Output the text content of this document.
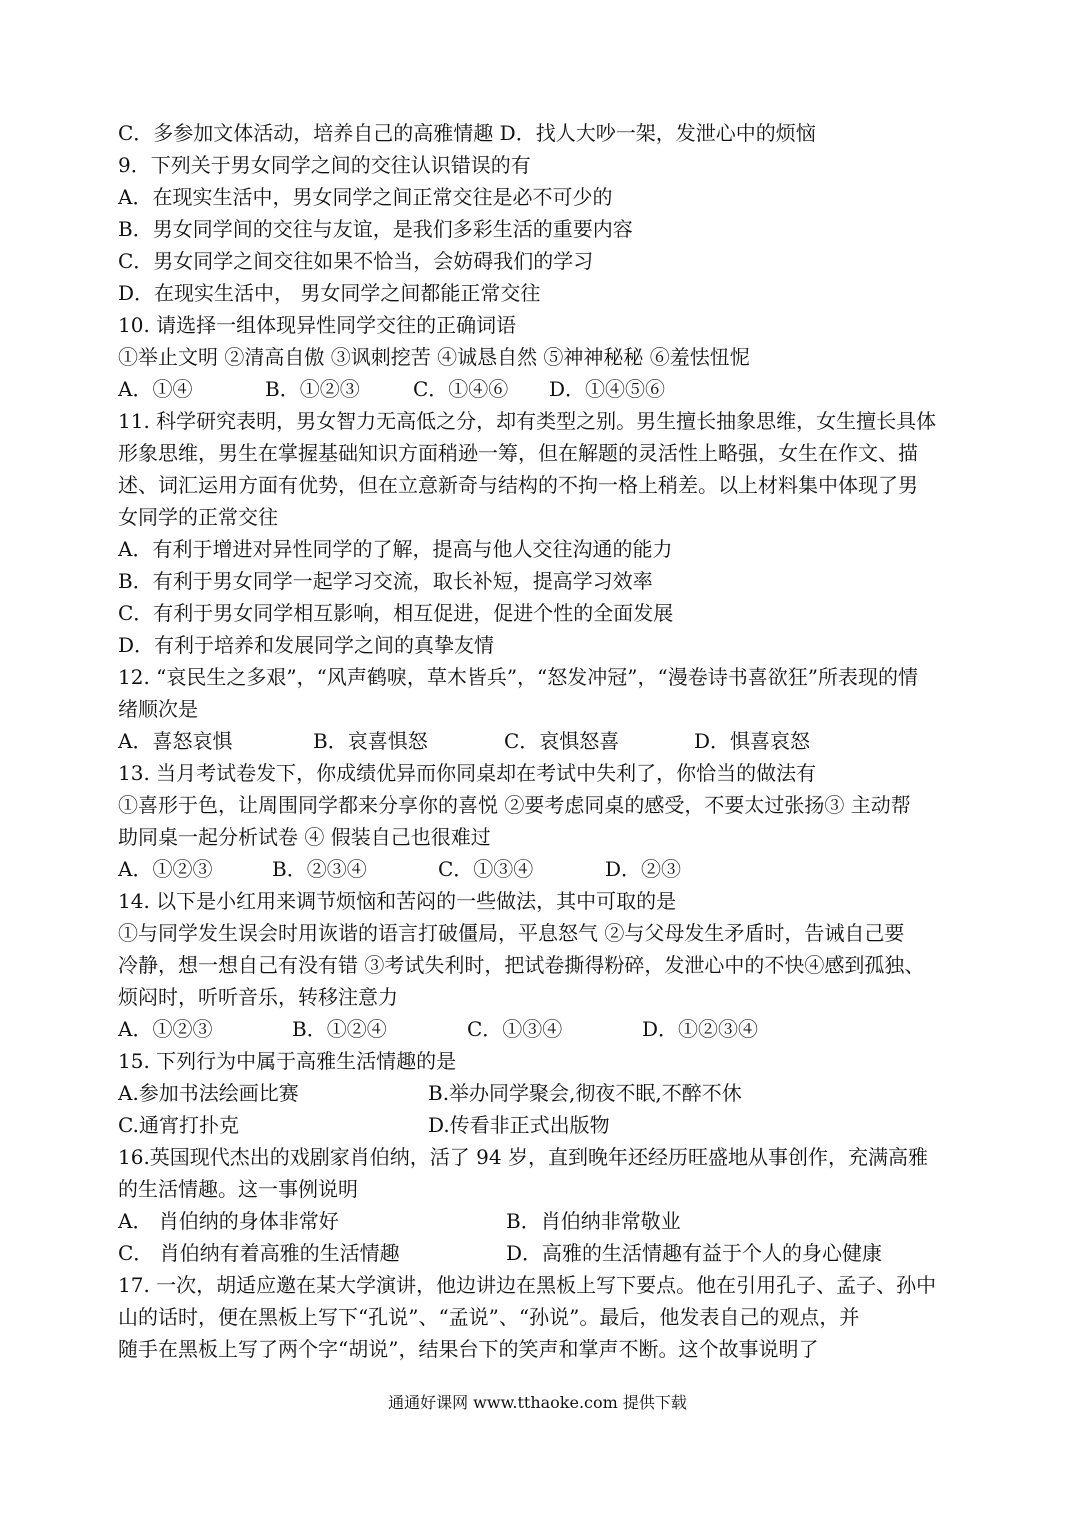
C．多参加文体活动，培养自己的高雅情趣 D．找人大吵一架，发泄心中的烦恼
9．下列关于男女同学之间的交往认识错误的有
A．在现实生活中，男女同学之间正常交往是必不可少的
B．男女同学间的交往与友谊，是我们多彩生活的重要内容
C．男女同学之间交往如果不恰当，会妨碍我们的学习
D．在现实生活中， 男女同学之间都能正常交往
10. 请选择一组体现异性同学交往的正确词语
①举止文明 ②清高自傲 ③讽刺挖苦 ④诚恳自然 ⑤神神秘秘 ⑥羞怯忸怩
A．①④	B．①②③	C．①④⑥ D．①④⑤⑥
11. 科学研究表明，男女智力无高低之分，却有类型之别。男生擅长抽象思维，女生擅长具体
形象思维，男生在掌握基础知识方面稍逊一筹，但在解题的灵活性上略强，女生在作文、描
述、词汇运用方面有优势，但在立意新奇与结构的不拘一格上稍差。以上材料集中体现了男
女同学的正常交往
A．有利于增进对异性同学的了解，提高与他人交往沟通的能力
B．有利于男女同学一起学习交流，取长补短，提高学习效率
C．有利于男女同学相互影响，相互促进，促进个性的全面发展
D．有利于培养和发展同学之间的真挚友情
12. “哀民生之多艰”，“风声鹤唳，草木皆兵”，“怒发冲冠”，“漫卷诗书喜欲狂”所表现的情
绪顺次是
A．喜怒哀惧	B．哀喜惧怒	C．哀惧怒喜	D．惧喜哀怒
13. 当月考试卷发下，你成绩优异而你同桌却在考试中失利了，你恰当的做法有
①喜形于色，让周围同学都来分享你的喜悦 ②要考虑同桌的感受，不要太过张扬③ 主动帮
助同桌一起分析试卷 ④ 假装自己也很难过
A．①②③	B．②③④	C．①③④	D．②③
14. 以下是小红用来调节烦恼和苦闷的一些做法，其中可取的是
①与同学发生误会时用诙谐的语言打破僵局，平息怒气 ②与父母发生矛盾时，告诫自己要
冷静，想一想自己有没有错 ③考试失利时，把试卷撕得粉碎，发泄心中的不快④感到孤独、
烦闷时，听听音乐，转移注意力
A．①②③	B．①②④	C．①③④	D．①②③④
15. 下列行为中属于高雅生活情趣的是
A.参加书法绘画比赛	B.举办同学聚会,彻夜不眠,不醉不休
C.通宵打扑克	D.传看非正式出版物
16.英国现代杰出的戏剧家肖伯纳，活了 94 岁，直到晚年还经历旺盛地从事创作，充满高雅
的生活情趣。这一事例说明
A． 肖伯纳的身体非常好	B．肖伯纳非常敬业
C． 肖伯纳有着高雅的生活情趣	D．高雅的生活情趣有益于个人的身心健康
17. 一次，胡适应邀在某大学演讲，他边讲边在黑板上写下要点。他在引用孔子、孟子、孙中
山的话时，便在黑板上写下“孔说”、“孟说”、“孙说”。最后，他发表自己的观点，并
随手在黑板上写了两个字“胡说”，结果台下的笑声和掌声不断。这个故事说明了
通通好课网 www.tthaoke.com 提供下载
